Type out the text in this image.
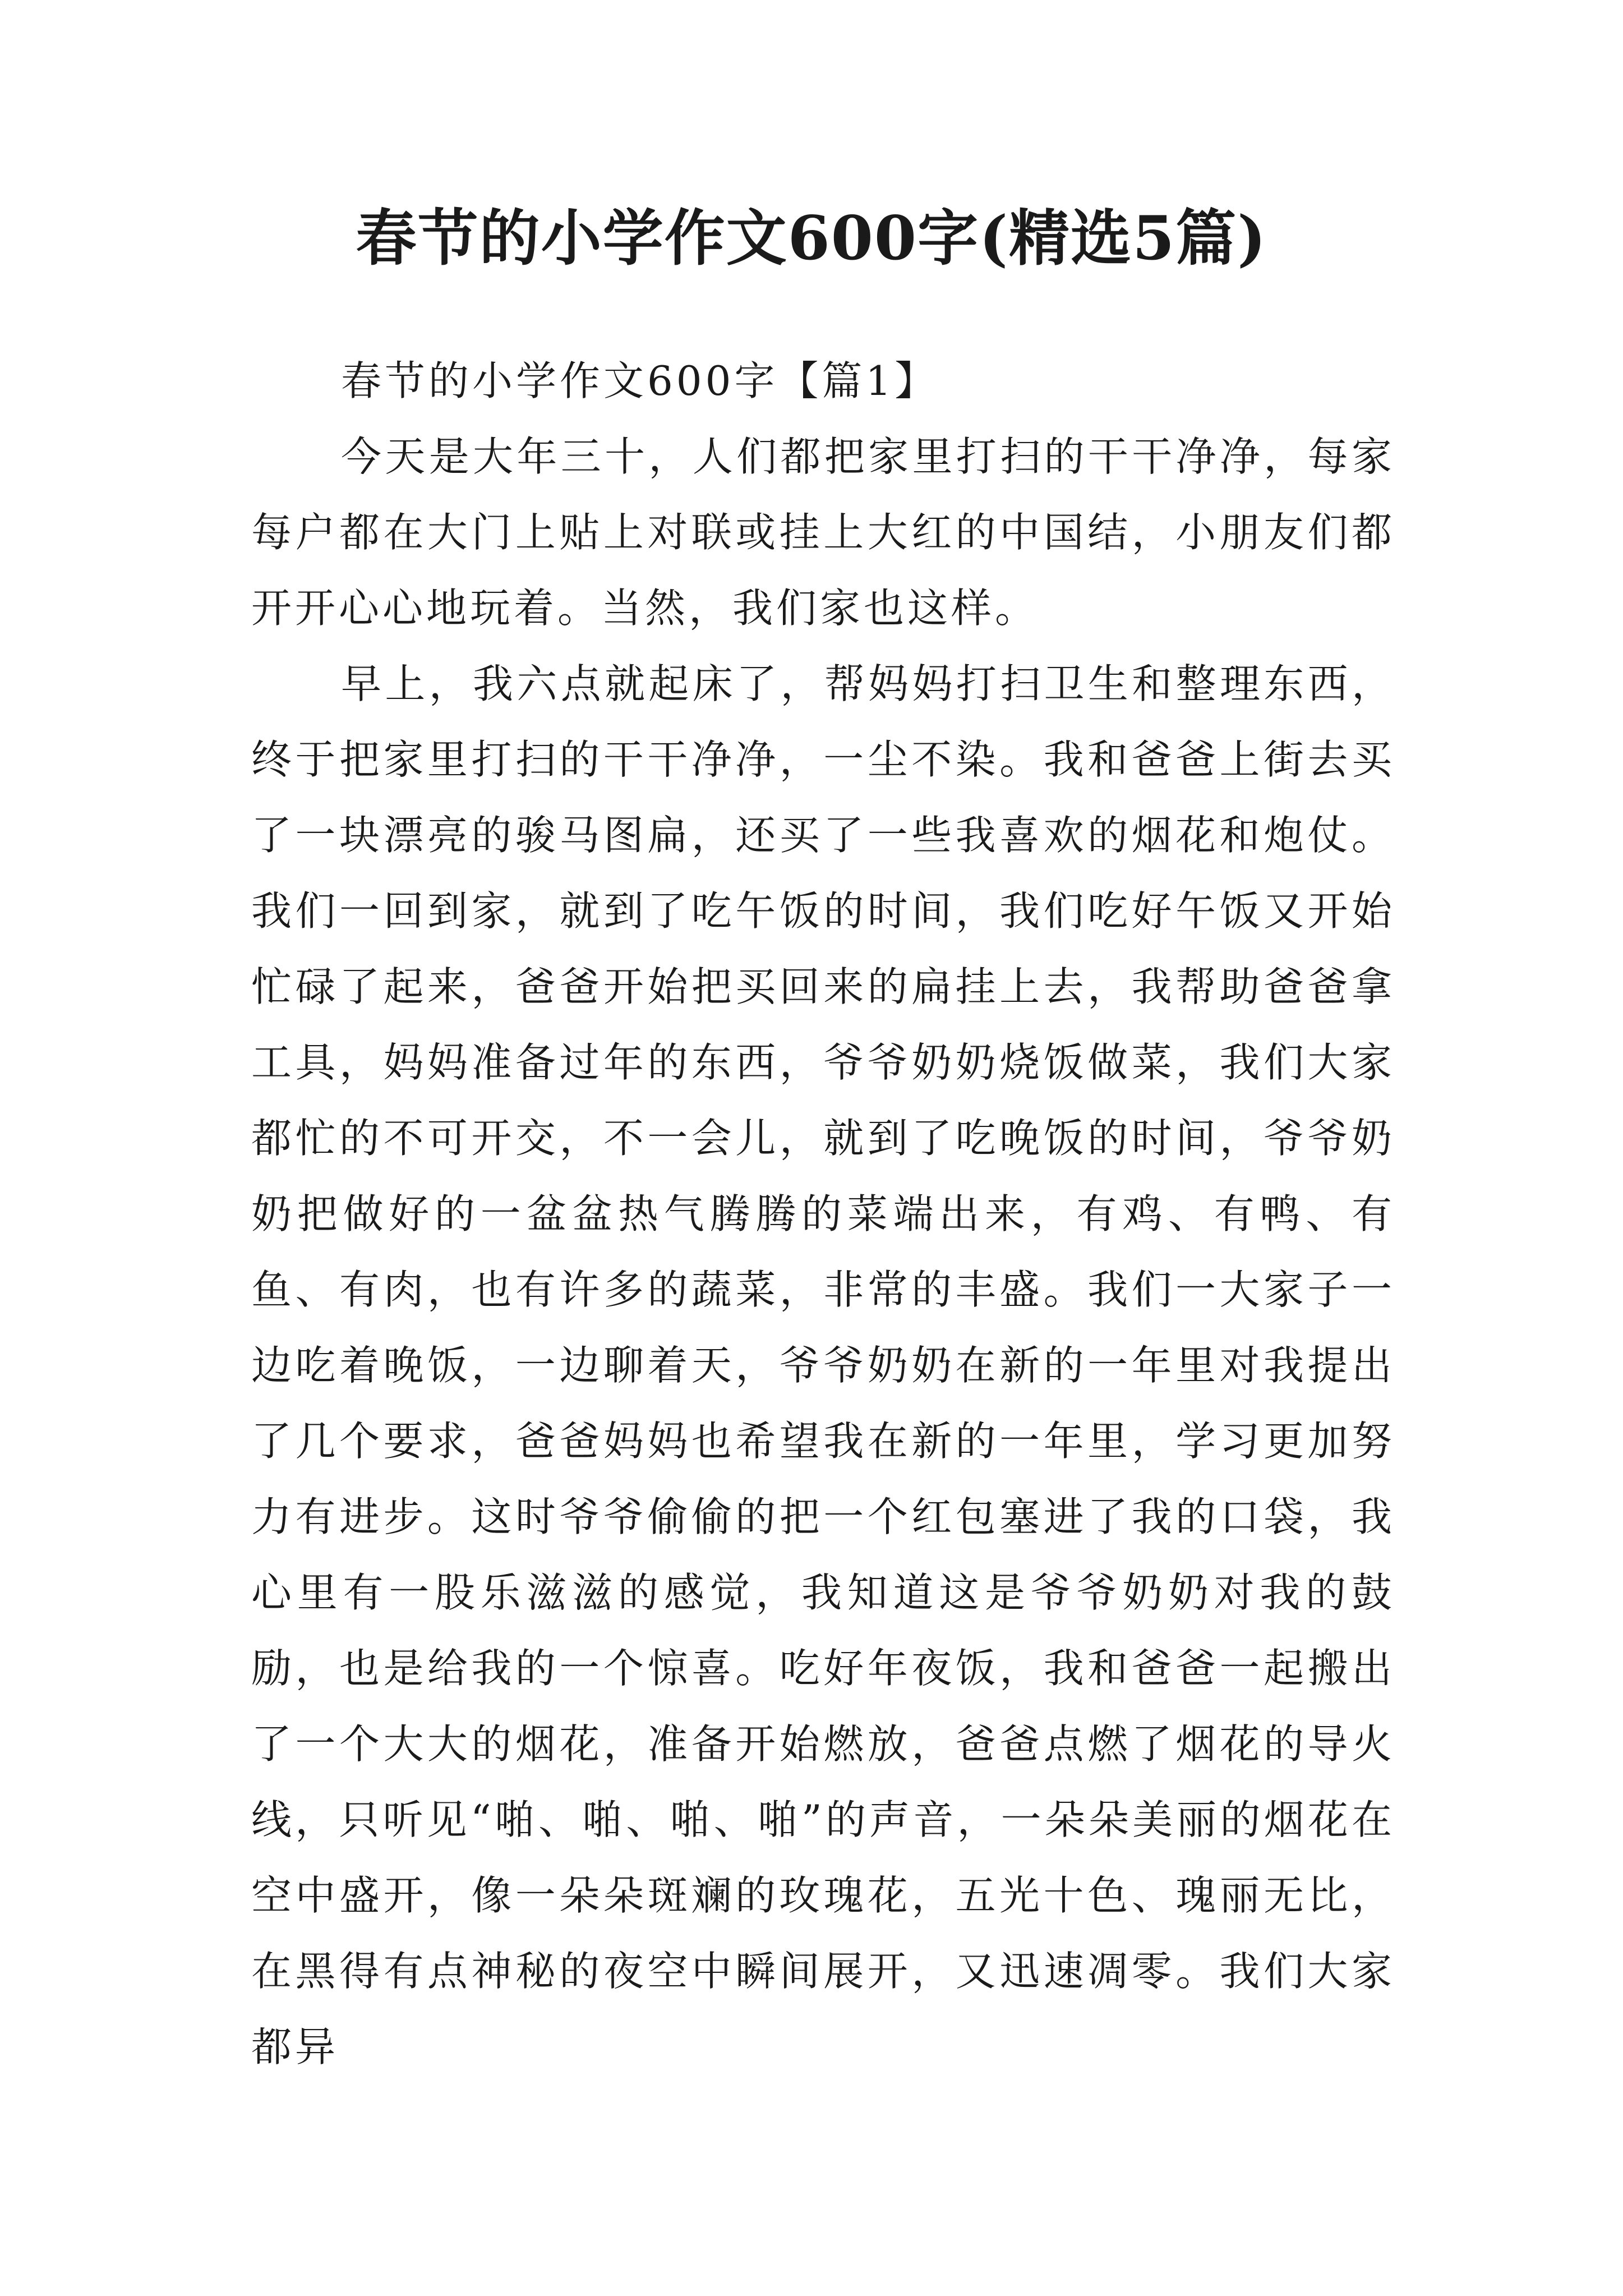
春节的小学作文600字(精选5篇)

春节的小学作文600字【篇1】

今天是大年三十，人们都把家里打扫的干干净净，每家每户都在大门上贴上对联或挂上大红的中国结，小朋友们都开开心心地玩着。当然，我们家也这样。

早上，我六点就起床了，帮妈妈打扫卫生和整理东西，终于把家里打扫的干干净净，一尘不染。我和爸爸上街去买了一块漂亮的骏马图扁，还买了一些我喜欢的烟花和炮仗。我们一回到家，就到了吃午饭的时间，我们吃好午饭又开始忙碌了起来，爸爸开始把买回来的扁挂上去，我帮助爸爸拿工具，妈妈准备过年的东西，爷爷奶奶烧饭做菜，我们大家都忙的不可开交，不一会儿，就到了吃晚饭的时间，爷爷奶奶把做好的一盆盆热气腾腾的菜端出来，有鸡、有鸭、有鱼、有肉，也有许多的蔬菜，非常的丰盛。我们一大家子一边吃着晚饭，一边聊着天，爷爷奶奶在新的一年里对我提出了几个要求，爸爸妈妈也希望我在新的一年里，学习更加努力有进步。这时爷爷偷偷的把一个红包塞进了我的口袋，我心里有一股乐滋滋的感觉，我知道这是爷爷奶奶对我的鼓励，也是给我的一个惊喜。吃好年夜饭，我和爸爸一起搬出了一个大大的烟花，准备开始燃放，爸爸点燃了烟花的导火线，只听见“啪、啪、啪、啪”的声音，一朵朵美丽的烟花在空中盛开，像一朵朵斑斓的玫瑰花，五光十色、瑰丽无比，在黑得有点神秘的夜空中瞬间展开，又迅速凋零。我们大家都异
